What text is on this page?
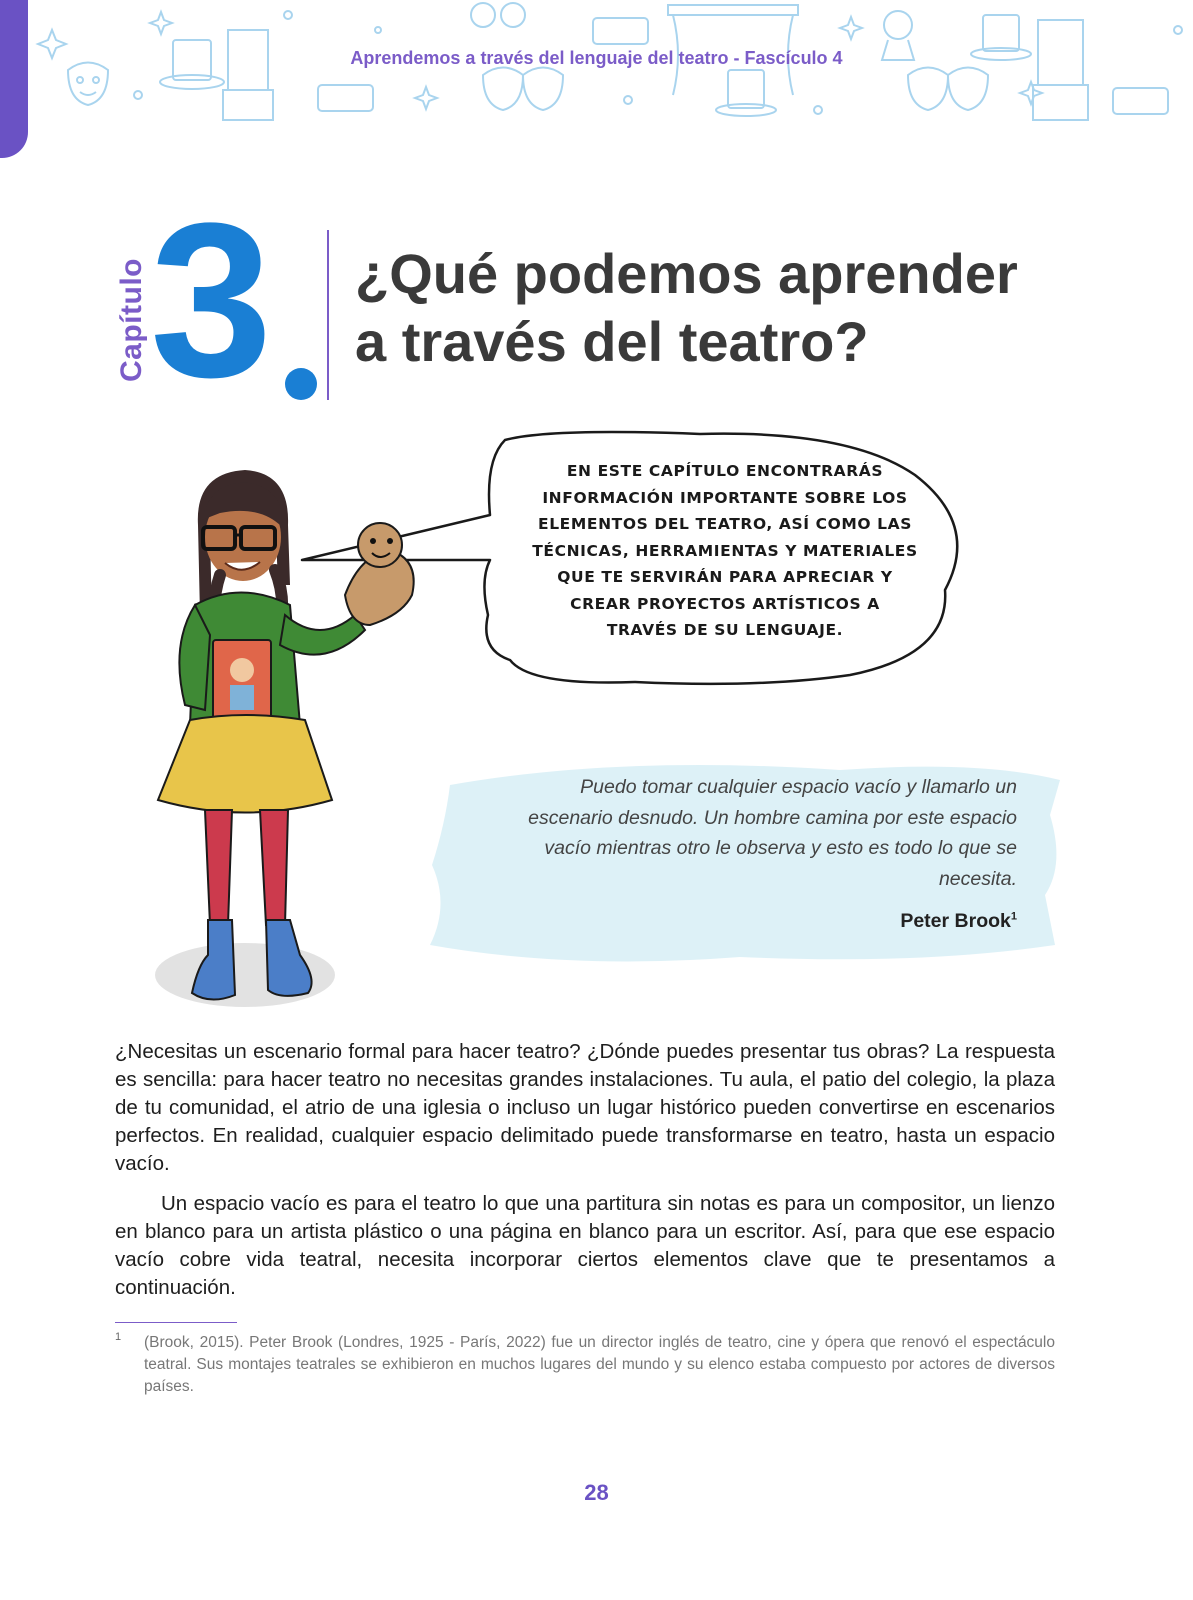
Aprendemos a través del lenguaje del teatro - Fascículo 4
Capítulo 3 ¿Qué podemos aprender
a través del teatro?
EN ESTE CAPÍTULO ENCONTRARÁS
INFORMACIÓN IMPORTANTE SOBRE LOS
ELEMENTOS DEL TEATRO, ASÍ COMO LAS
TÉCNICAS, HERRAMIENTAS Y MATERIALES
QUE TE SERVIRÁN PARA APRECIAR Y
CREAR PROYECTOS ARTÍSTICOS A
TRAVÉS DE SU LENGUAJE.
Puedo tomar cualquier espacio vacío y llamarlo un escenario desnudo. Un hombre camina por este espacio vacío mientras otro le observa y esto es todo lo que se necesita.
Peter Brook$^1$

¿Necesitas un escenario formal para hacer teatro? ¿Dónde puedes presentar tus obras? La respuesta es sencilla: para hacer teatro no necesitas grandes instalaciones. Tu aula, el patio del colegio, la plaza de tu comunidad, el atrio de una iglesia o incluso un lugar histórico pueden convertirse en escenarios perfectos. En realidad, cualquier espacio delimitado puede transformarse en teatro, hasta un espacio vacío.

Un espacio vacío es para el teatro lo que una partitura sin notas es para un compositor, un lienzo en blanco para un artista plástico o una página en blanco para un escritor. Así, para que ese espacio vacío cobre vida teatral, necesita incorporar ciertos elementos clave que te presentamos a continuación.

1 (Brook, 2015). Peter Brook (Londres, 1925 - París, 2022) fue un director inglés de teatro, cine y ópera que renovó el espectáculo teatral. Sus montajes teatrales se exhibieron en muchos lugares del mundo y su elenco estaba compuesto por actores de diversos países.

28
